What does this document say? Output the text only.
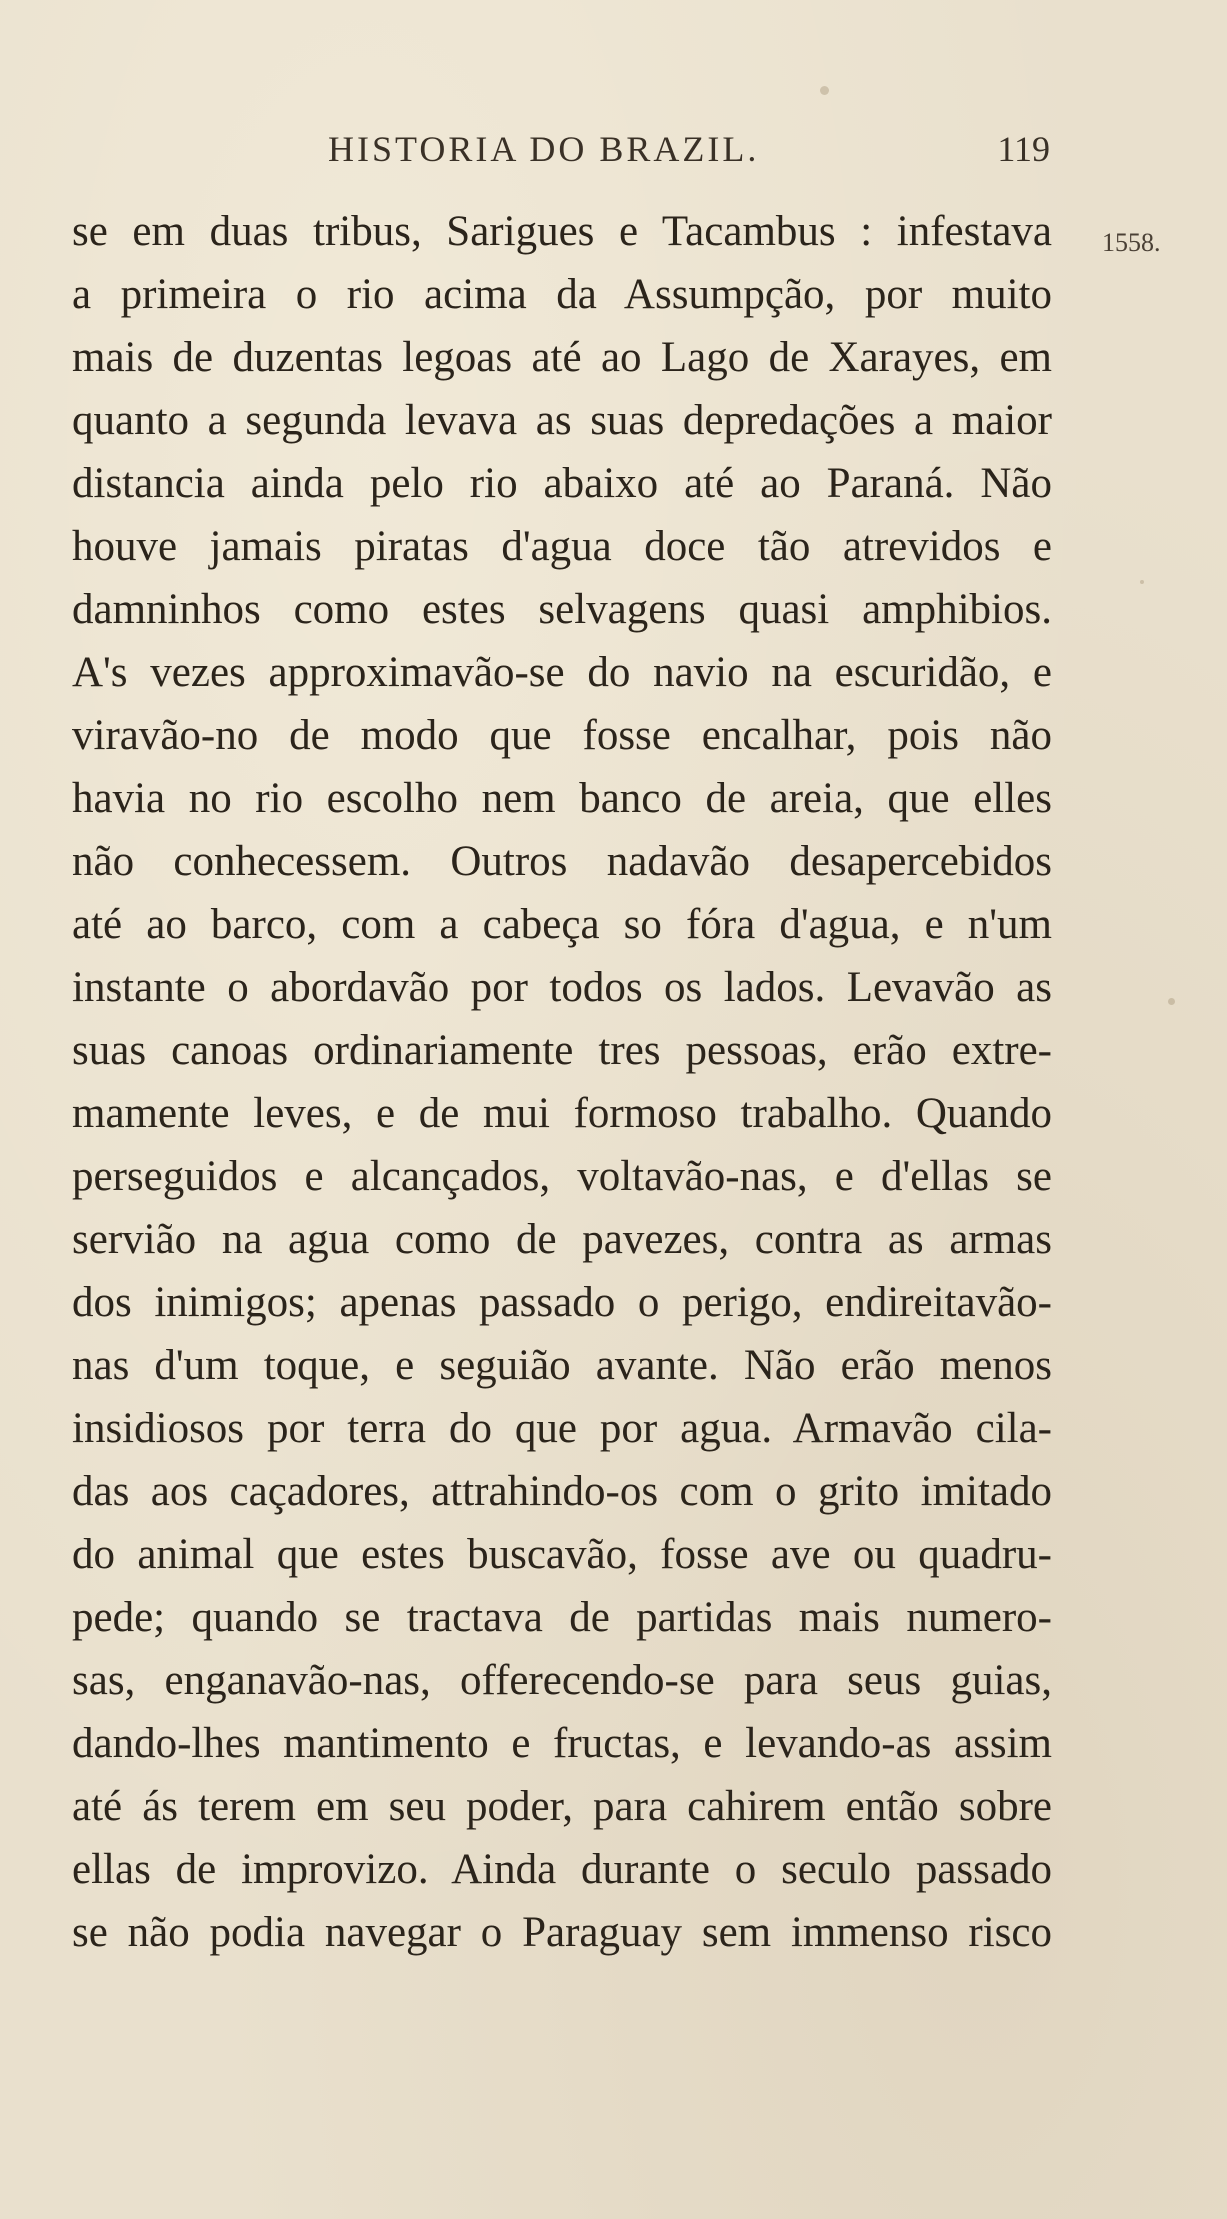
HISTORIA DO BRAZIL.	119
1558.
se em duas tribus, Sarigues e Tacambus : infestava
a primeira o rio acima da Assumpção, por muito
mais de duzentas legoas até ao Lago de Xarayes, em
quanto a segunda levava as suas depredações a maior
distancia ainda pelo rio abaixo até ao Paraná. Não
houve jamais piratas d'agua doce tão atrevidos e
damninhos como estes selvagens quasi amphibios.
A's vezes approximavão-se do navio na escuridão, e
viravão-no de modo que fosse encalhar, pois não
havia no rio escolho nem banco de areia, que elles
não conhecessem. Outros nadavão desapercebidos
até ao barco, com a cabeça so fóra d'agua, e n'um
instante o abordavão por todos os lados. Levavão as
suas canoas ordinariamente tres pessoas, erão extre-
mamente leves, e de mui formoso trabalho. Quando
perseguidos e alcançados, voltavão-nas, e d'ellas se
servião na agua como de pavezes, contra as armas
dos inimigos; apenas passado o perigo, endireitavão-
nas d'um toque, e seguião avante. Não erão menos
insidiosos por terra do que por agua. Armavão cila-
das aos caçadores, attrahindo-os com o grito imitado
do animal que estes buscavão, fosse ave ou quadru-
pede; quando se tractava de partidas mais numero-
sas, enganavão-nas, offerecendo-se para seus guias,
dando-lhes mantimento e fructas, e levando-as assim
até ás terem em seu poder, para cahirem então sobre
ellas de improvizo. Ainda durante o seculo passado
se não podia navegar o Paraguay sem immenso risco
